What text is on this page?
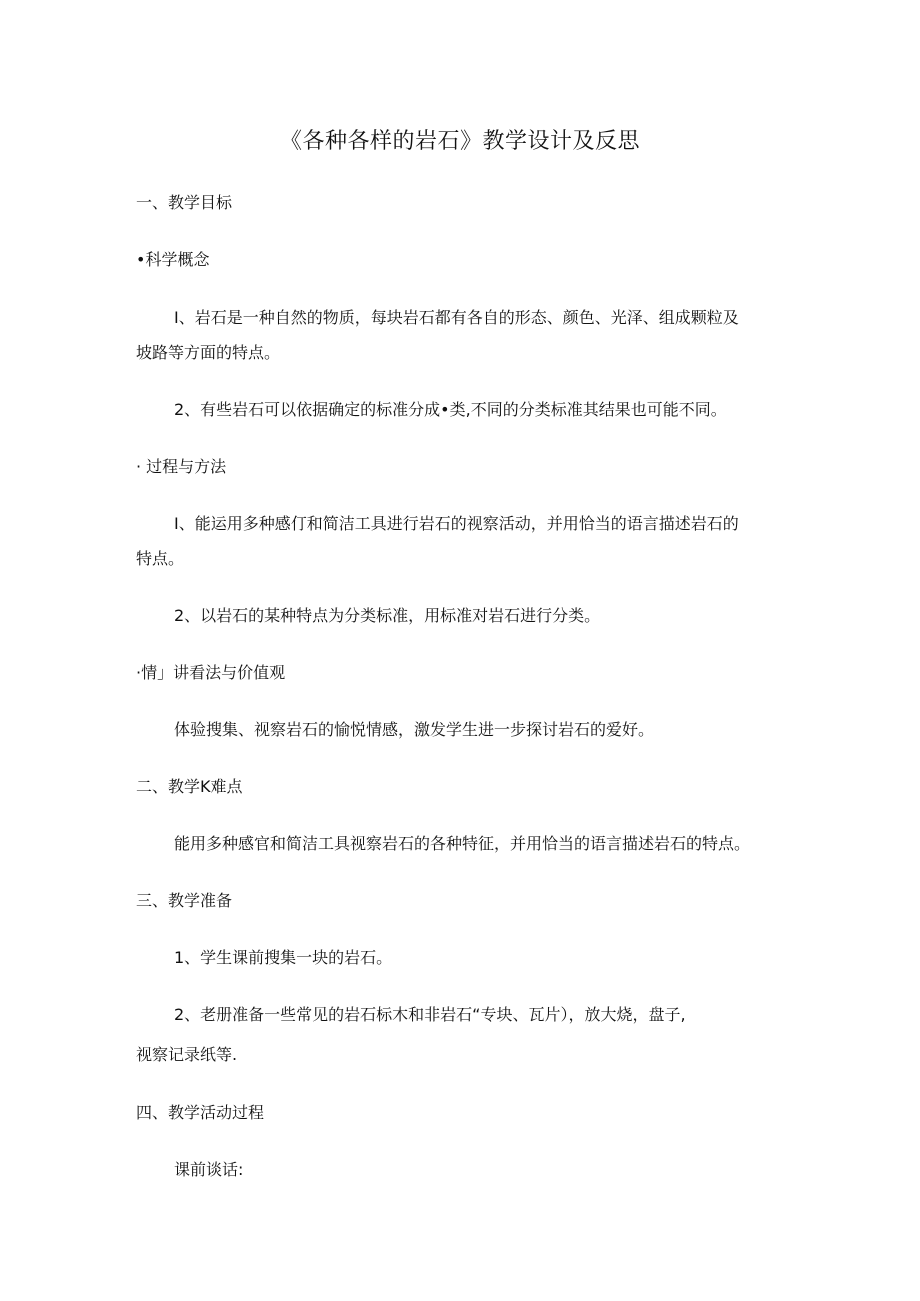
《各种各样的岩石》教学设计及反思
一、教学目标
•科学概念
I、岩石是一种自然的物质，每块岩石都有各自的形态、颜色、光泽、组成颗粒及
坡路等方面的特点。
2、有些岩石可以依据确定的标准分成•类,不同的分类标准其结果也可能不同。
· 过程与方法
I、能运用多种感仃和简洁工具进行岩石的视察活动，并用恰当的语言描述岩石的
特点。
2、以岩石的某种特点为分类标准，用标准对岩石进行分类。
·情」讲看法与价值观
体验搜集、视察岩石的愉悦情感，激发学生进一步探讨岩石的爱好。
二、教学K难点
能用多种感官和简洁工具视察岩石的各种特征，并用恰当的语言描述岩石的特点。
三、教学准备
1、学生课前搜集一块的岩石。
2、老册准备一些常见的岩石标木和非岩石“专块、瓦片），放大烧，盘子,
视察记录纸等.
四、教学活动过程
课前谈话:
